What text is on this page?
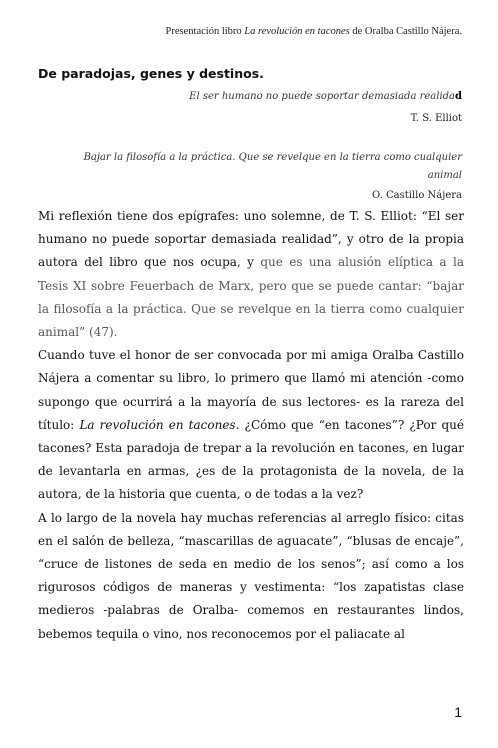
Presentación libro La revolución en tacones de Oralba Castillo Nájera.
De paradojas, genes y destinos.
El ser humano no puede soportar demasiada realidad
T. S. Elliot
Bajar la filosofía a la práctica. Que se revelque en la tierra como cualquier animal
O. Castillo Nájera

Mi reflexión tiene dos epígrafes: uno solemne, de T. S. Elliot: “El ser humano no puede soportar demasiada realidad”, y otro de la propia autora del libro que nos ocupa, y que es una alusión elíptica a la Tesis XI sobre Feuerbach de Marx, pero que se puede cantar: “bajar la filosofía a la práctica. Que se revelque en la tierra como cualquier animal” (47).

Cuando tuve el honor de ser convocada por mi amiga Oralba Castillo Nájera a comentar su libro, lo primero que llamó mi atención -como supongo que ocurrirá a la mayoría de sus lectores- es la rareza del título: La revolución en tacones. ¿Cómo que “en tacones”? ¿Por qué tacones? Esta paradoja de trepar a la revolución en tacones, en lugar de levantarla en armas, ¿es de la protagonista de la novela, de la autora, de la historia que cuenta, o de todas a la vez?

A lo largo de la novela hay muchas referencias al arreglo físico: citas en el salón de belleza, “mascarillas de aguacate”, “blusas de encaje”, “cruce de listones de seda en medio de los senos”; así como a los rigurosos códigos de maneras y vestimenta: “los zapatistas clase medieros -palabras de Oralba- comemos en restaurantes lindos, bebemos tequila o vino, nos reconocemos por el paliacate al

1
